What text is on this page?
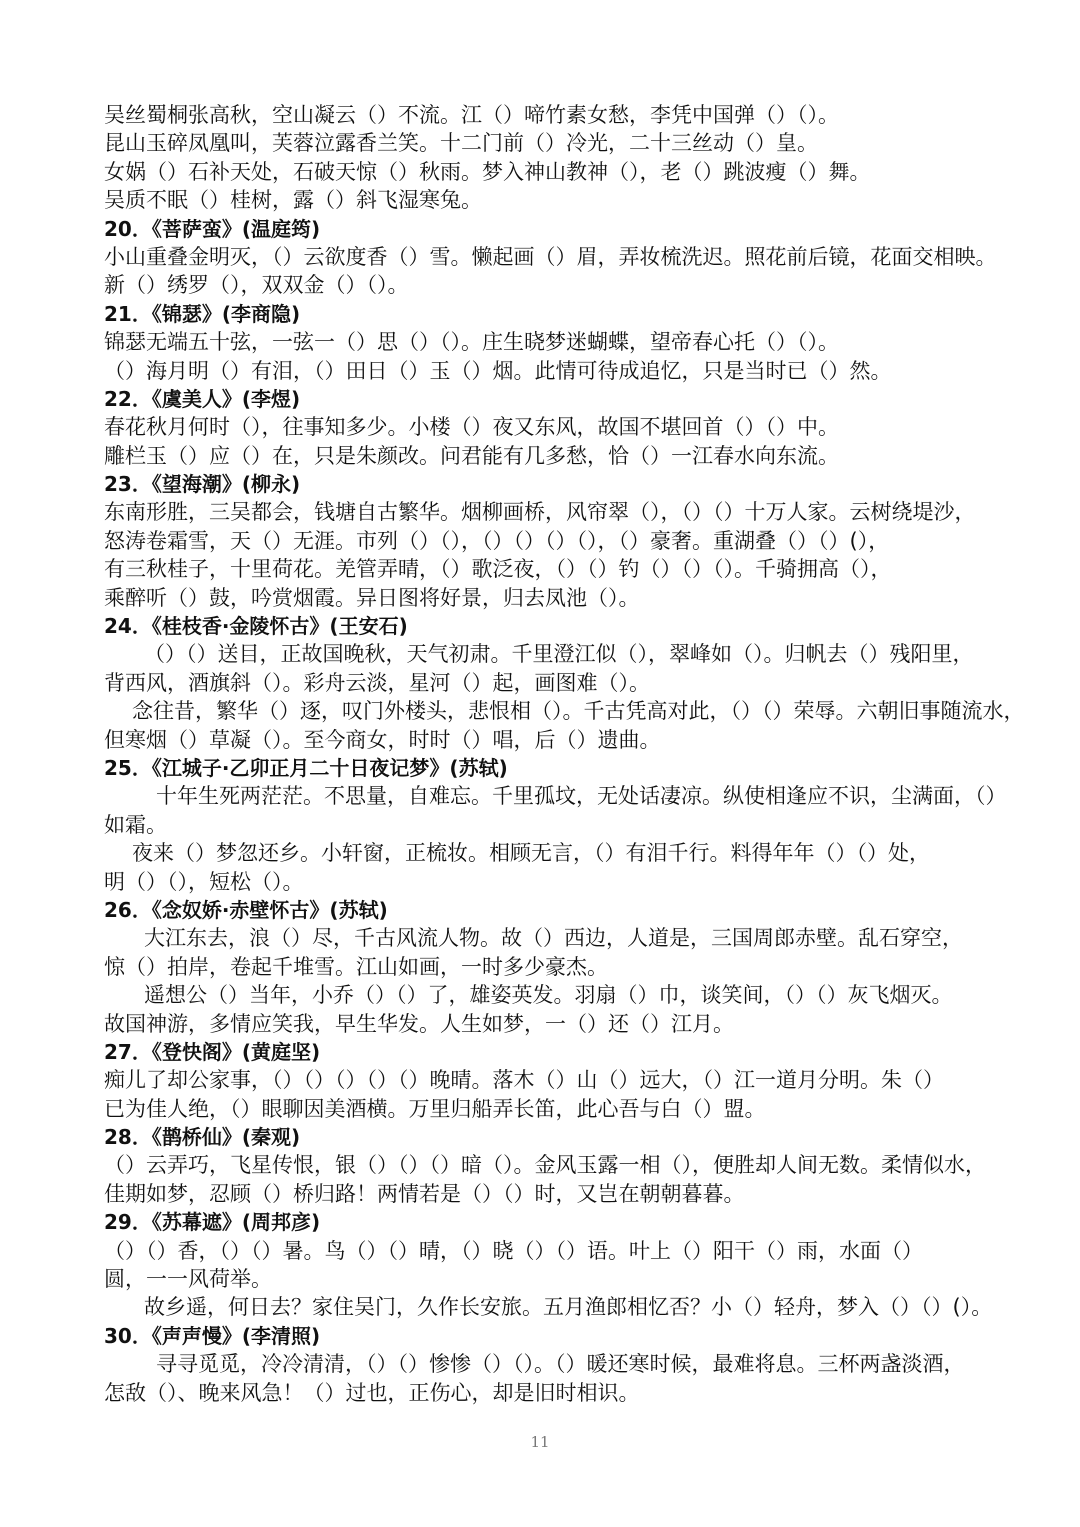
吴丝蜀桐张高秋，空山凝云（）不流。江（）啼竹素女愁，李凭中国弹（）（）。
昆山玉碎凤凰叫，芙蓉泣露香兰笑。十二门前（）冷光，二十三丝动（）皇。
女娲（）石补天处，石破天惊（）秋雨。梦入神山教神（），老（）跳波瘦（）舞。
吴质不眠（）桂树，露（）斜飞湿寒兔。
20．《菩萨蛮》(温庭筠)
小山重叠金明灭，（）云欲度香（）雪。懒起画（）眉，弄妆梳洗迟。照花前后镜，花面交相映。
新（）绣罗（），双双金（）（）。
21．《锦瑟》(李商隐)
锦瑟无端五十弦，一弦一（）思（）（）。庄生晓梦迷蝴蝶，望帝春心托（）（）。
（）海月明（）有泪，（）田日（）玉（）烟。此情可待成追忆，只是当时已（）然。
22．《虞美人》(李煜)
春花秋月何时（），往事知多少。小楼（）夜又东风，故国不堪回首（）（）中。
雕栏玉（）应（）在，只是朱颜改。问君能有几多愁，恰（）一江春水向东流。
23．《望海潮》(柳永)
东南形胜，三吴都会，钱塘自古繁华。烟柳画桥，风帘翠（），（）（）十万人家。云树绕堤沙，
怒涛卷霜雪，天（）无涯。市列（）（），（）（）（）（），（）豪奢。重湖叠（）（）(），
有三秋桂子，十里荷花。羌管弄晴，（）歌泛夜，（）（）钓（）（）（）。千骑拥高（），
乘醉听（）鼓，吟赏烟霞。异日图将好景，归去凤池（）。
24．《桂枝香·金陵怀古》(王安石)
（）（）送目，正故国晚秋，天气初肃。千里澄江似（），翠峰如（）。归帆去（）残阳里，
背西风，酒旗斜（）。彩舟云淡，星河（）起，画图难（）。
念往昔，繁华（）逐，叹门外楼头，悲恨相（）。千古凭高对此，（）（）荣辱。六朝旧事随流水，
但寒烟（）草凝（）。至今商女，时时（）唱，后（）遗曲。
25．《江城子·乙卯正月二十日夜记梦》(苏轼)
十年生死两茫茫。不思量，自难忘。千里孤坟，无处话凄凉。纵使相逢应不识，尘满面，（）
如霜。
夜来（）梦忽还乡。小轩窗，正梳妆。相顾无言，（）有泪千行。料得年年（）（）处，
明（）（），短松（）。
26．《念奴娇·赤壁怀古》(苏轼)
大江东去，浪（）尽，千古风流人物。故（）西边，人道是，三国周郎赤壁。乱石穿空，
惊（）拍岸，卷起千堆雪。江山如画，一时多少豪杰。
遥想公（）当年，小乔（）（）了，雄姿英发。羽扇（）巾，谈笑间，（）（）灰飞烟灭。
故国神游，多情应笑我，早生华发。人生如梦，一（）还（）江月。
27．《登快阁》(黄庭坚)
痴儿了却公家事，（）（）（）（）（）晚晴。落木（）山（）远大，（）江一道月分明。朱（）
已为佳人绝，（）眼聊因美酒横。万里归船弄长笛，此心吾与白（）盟。
28．《鹊桥仙》(秦观)
（）云弄巧，飞星传恨，银（）（）（）暗（）。金风玉露一相（），便胜却人间无数。柔情似水，
佳期如梦，忍顾（）桥归路！两情若是（）（）时，又岂在朝朝暮暮。
29．《苏幕遮》(周邦彦)
（）（）香，（）（）暑。鸟（）（）晴，（）晓（）（）语。叶上（）阳干（）雨，水面（）
圆，一一风荷举。
故乡遥，何日去？家住吴门，久作长安旅。五月渔郎相忆否？小（）轻舟，梦入（）（）(）。
30．《声声慢》(李清照)
寻寻觅觅，冷冷清清，（）（）惨惨（）（）。（）暖还寒时候，最难将息。三杯两盏淡酒，
怎敌（）、晚来风急！（）过也，正伤心，却是旧时相识。
11
